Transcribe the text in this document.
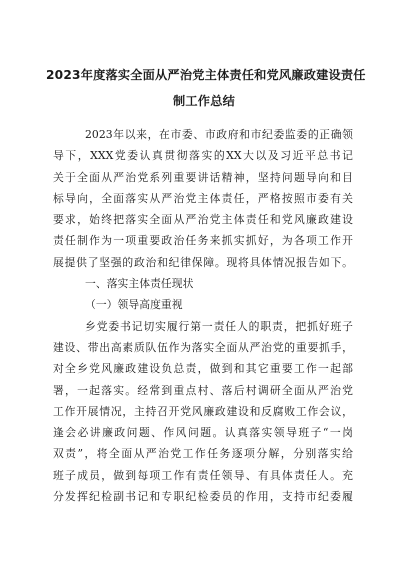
2023年度落实全面从严治党主体责任和党风廉政建设责任
制工作总结
2023年以来，在市委、市政府和市纪委监委的正确领
导下，XXX党委认真贯彻落实的XX大以及习近平总书记
关于全面从严治党系列重要讲话精神，坚持问题导向和目
标导向，全面落实从严治党主体责任，严格按照市委有关
要求，始终把落实全面从严治党主体责任和党风廉政建设
责任制作为一项重要政治任务来抓实抓好，为各项工作开
展提供了坚强的政治和纪律保障。现将具体情况报告如下。
一、落实主体责任现状
（一）领导高度重视
乡党委书记切实履行第一责任人的职责，把抓好班子
建设、带出高素质队伍作为落实全面从严治党的重要抓手，
对全乡党风廉政建设负总责，做到和其它重要工作一起部
署，一起落实。经常到重点村、落后村调研全面从严治党
工作开展情况，主持召开党风廉政建设和反腐败工作会议，
逢会必讲廉政问题、作风问题。认真落实领导班子“一岗
双责”，将全面从严治党工作任务逐项分解，分别落实给
班子成员，做到每项工作有责任领导、有具体责任人。充
分发挥纪检副书记和专职纪检委员的作用，支持市纪委履
